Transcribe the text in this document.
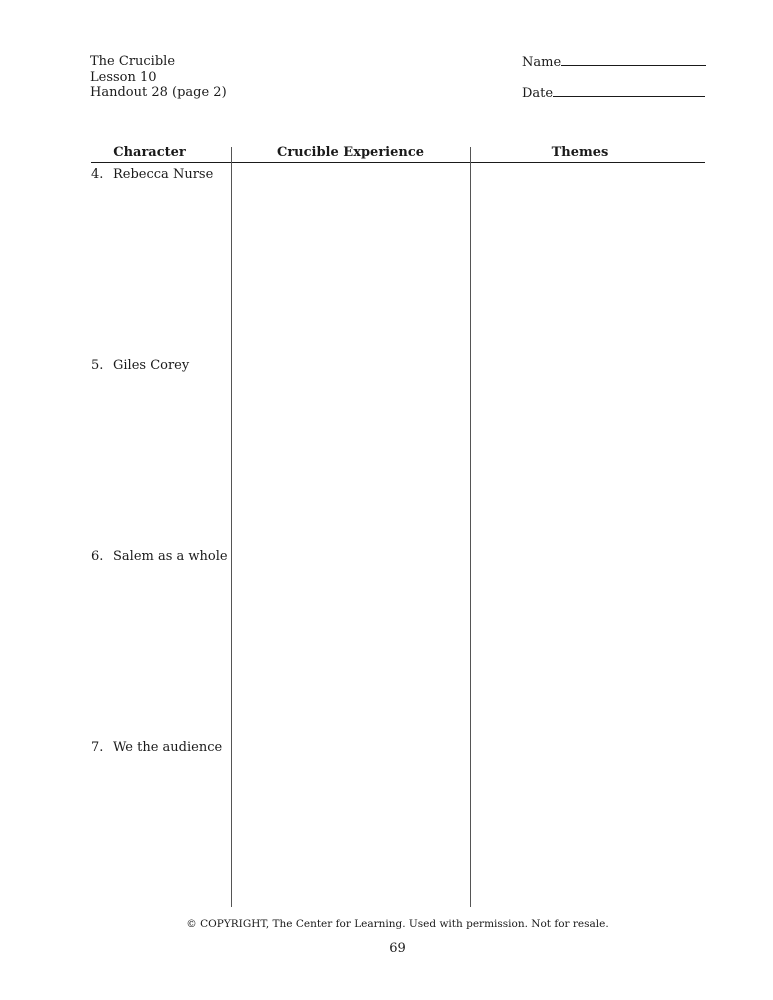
The Crucible
Lesson 10
Handout 28 (page 2)
Name
Date
Character	Crucible Experience	Themes
4. Rebecca Nurse
5. Giles Corey
6. Salem as a whole
7. We the audience
© COPYRIGHT, The Center for Learning. Used with permission. Not for resale.
69
